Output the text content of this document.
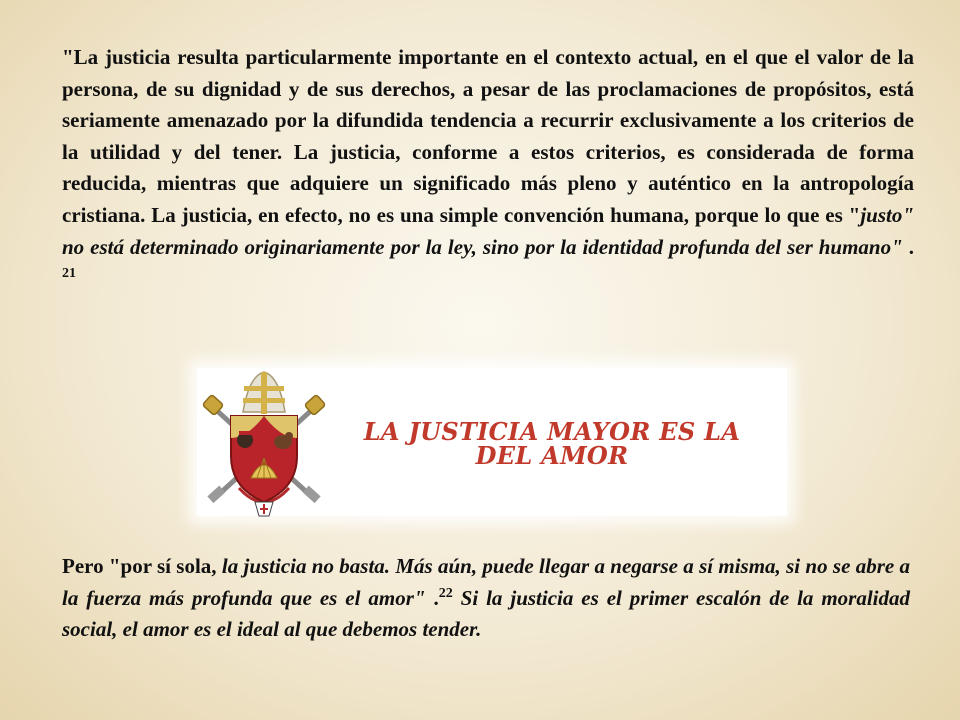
"La justicia resulta particularmente importante en el contexto actual, en el que el valor de la persona, de su dignidad y de sus derechos, a pesar de las proclamaciones de propósitos, está seriamente amenazado por la difundida tendencia a recurrir exclusivamente a los criterios de la utilidad y del tener. La justicia, conforme a estos criterios, es considerada de forma reducida, mientras que adquiere un significado más pleno y auténtico en la antropología cristiana. La justicia, en efecto, no es una simple convención humana, porque lo que es "justo" no está determinado originariamente por la ley, sino por la identidad profunda del ser humano" . $^{21}$

LA JUSTICIA MAYOR ES LA DEL AMOR

Pero "por sí sola, la justicia no basta. Más aún, puede llegar a negarse a sí misma, si no se abre a la fuerza más profunda que es el amor" .$^{22}$ Si la justicia es el primer escalón de la moralidad social, el amor es el ideal al que debemos tender.
